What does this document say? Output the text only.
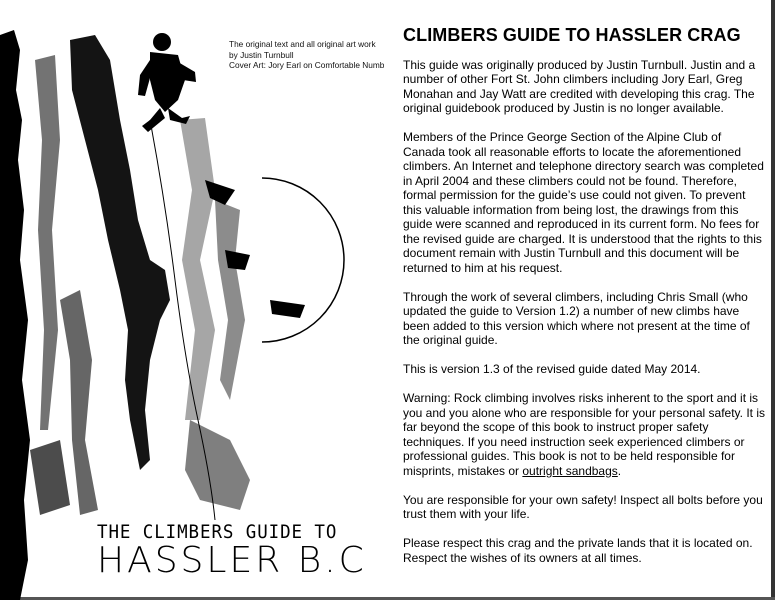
The original text and all original art work
by Justin Turnbull
Cover Art: Jory Earl on Comfortable Numb
THE CLIMBERS GUIDE TO
HASSLER B.C
CLIMBERS GUIDE TO HASSLER CRAG

This guide was originally produced by Justin Turnbull. Justin and a number of other Fort St. John climbers including Jory Earl, Greg Monahan and Jay Watt are credited with developing this crag. The original guidebook produced by Justin is no longer available.

Members of the Prince George Section of the Alpine Club of Canada took all reasonable efforts to locate the aforementioned climbers. An Internet and telephone directory search was completed in April 2004 and these climbers could not be found. Therefore, formal permission for the guide’s use could not given. To prevent this valuable information from being lost, the drawings from this guide were scanned and reproduced in its current form. No fees for the revised guide are charged. It is understood that the rights to this document remain with Justin Turnbull and this document will be returned to him at his request.

Through the work of several climbers, including Chris Small (who updated the guide to Version 1.2) a number of new climbs have been added to this version which where not present at the time of the original guide.

This is version 1.3 of the revised guide dated May 2014.

Warning: Rock climbing involves risks inherent to the sport and it is you and you alone who are responsible for your personal safety. It is far beyond the scope of this book to instruct proper safety techniques. If you need instruction seek experienced climbers or professional guides. This book is not to be held responsible for misprints, mistakes or outright sandbags.

You are responsible for your own safety! Inspect all bolts before you trust them with your life.

Please respect this crag and the private lands that it is located on. Respect the wishes of its owners at all times.
